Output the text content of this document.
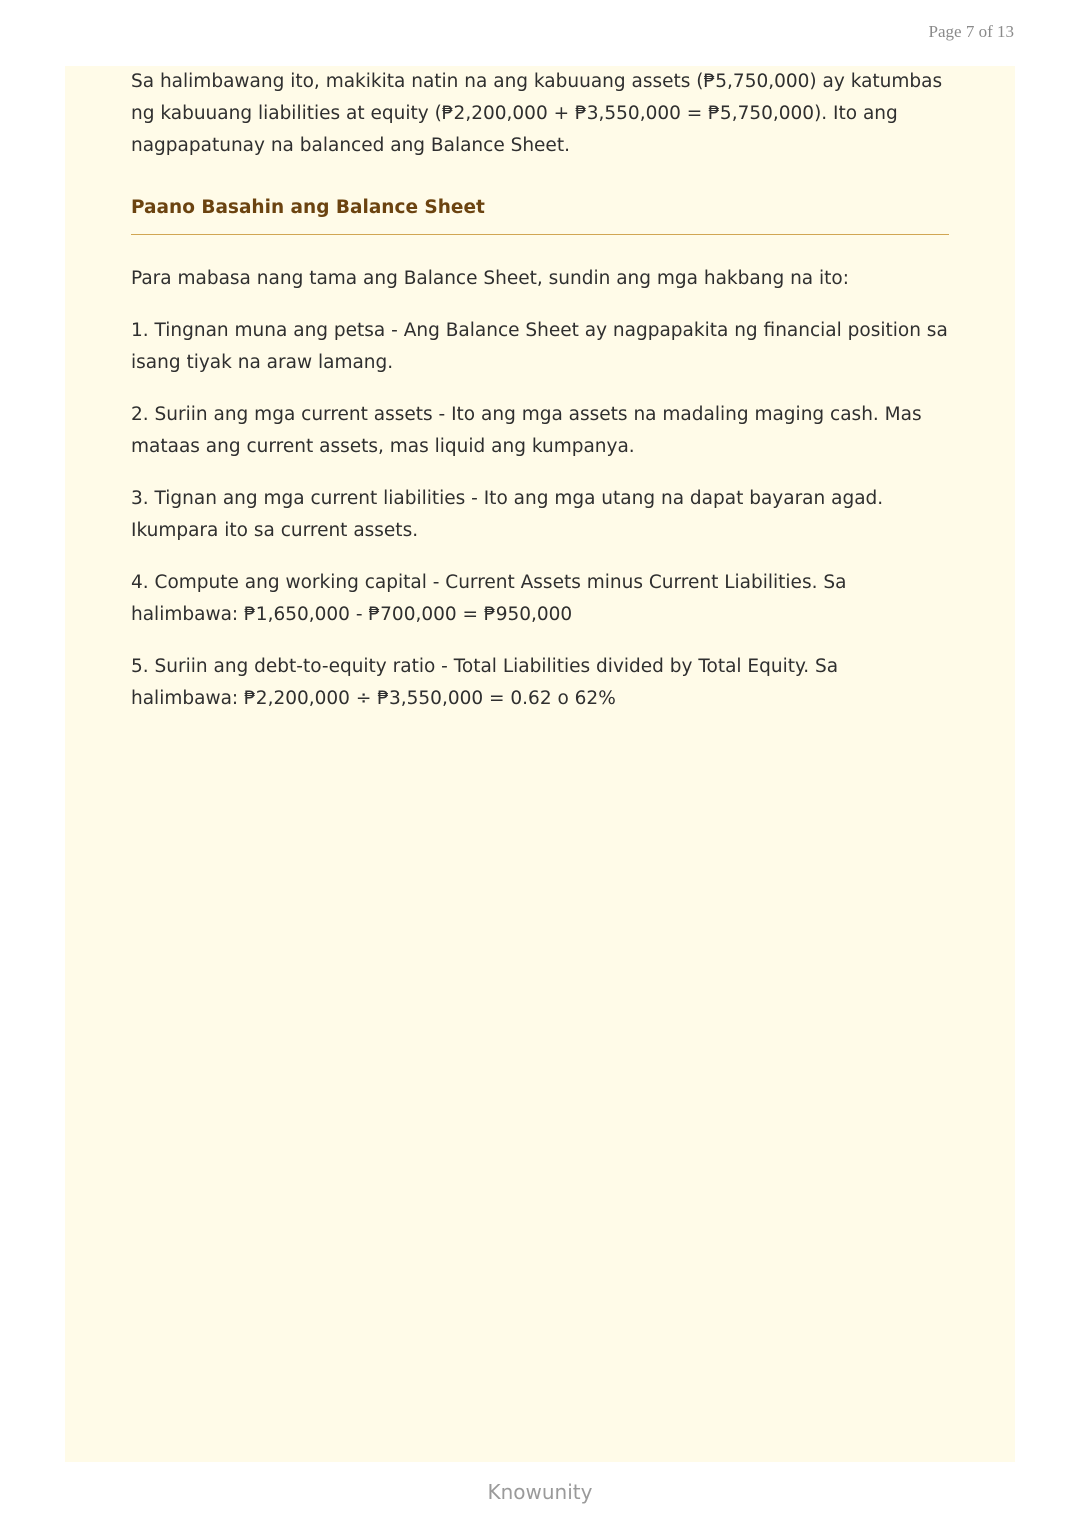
Page 7 of 13

Sa halimbawang ito, makikita natin na ang kabuuang assets (₱5,750,000) ay katumbas ng kabuuang liabilities at equity (₱2,200,000 + ₱3,550,000 = ₱5,750,000). Ito ang nagpapatunay na balanced ang Balance Sheet.

Paano Basahin ang Balance Sheet

Para mabasa nang tama ang Balance Sheet, sundin ang mga hakbang na ito:

1. Tingnan muna ang petsa - Ang Balance Sheet ay nagpapakita ng financial position sa isang tiyak na araw lamang.

2. Suriin ang mga current assets - Ito ang mga assets na madaling maging cash. Mas mataas ang current assets, mas liquid ang kumpanya.

3. Tignan ang mga current liabilities - Ito ang mga utang na dapat bayaran agad. Ikumpara ito sa current assets.

4. Compute ang working capital - Current Assets minus Current Liabilities. Sa halimbawa: ₱1,650,000 - ₱700,000 = ₱950,000

5. Suriin ang debt-to-equity ratio - Total Liabilities divided by Total Equity. Sa halimbawa: ₱2,200,000 ÷ ₱3,550,000 = 0.62 o 62%

Knowunity
